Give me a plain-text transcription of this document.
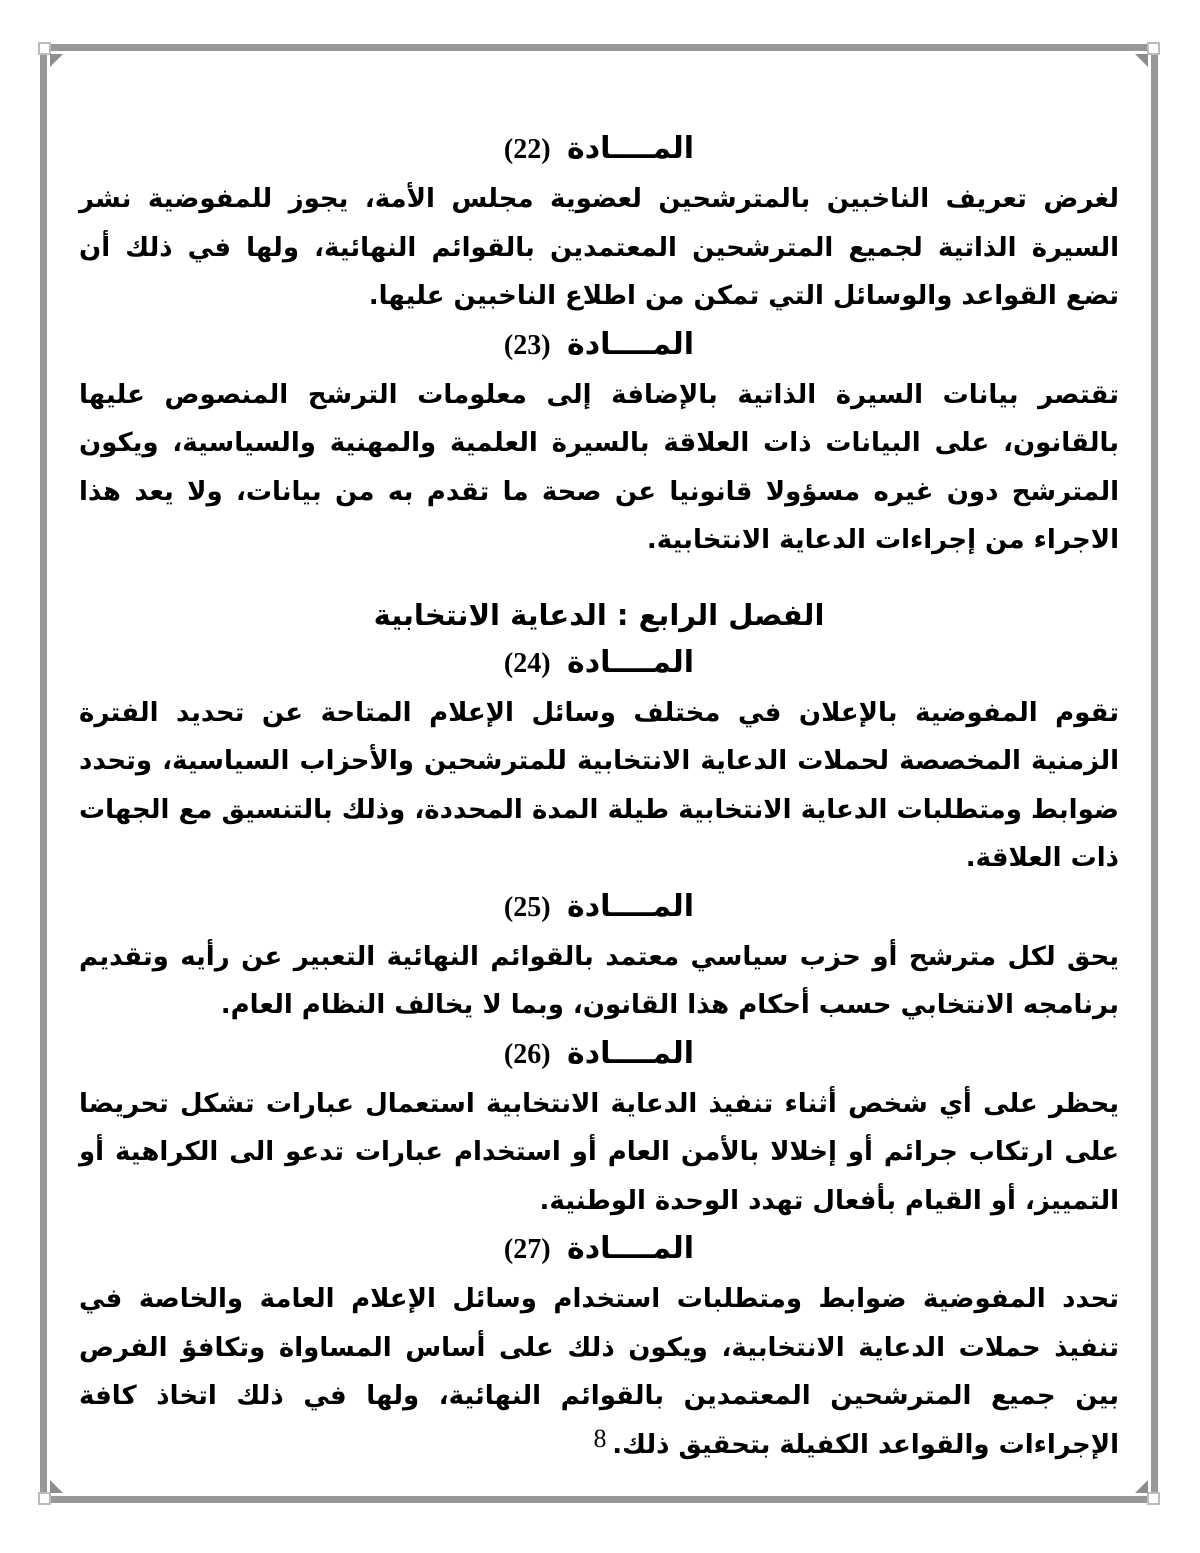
المــــادة (22)

لغرض تعريف الناخبين بالمترشحين لعضوية مجلس الأمة، يجوز للمفوضية نشر السيرة الذاتية لجميع المترشحين المعتمدين بالقوائم النهائية، ولها في ذلك أن تضع القواعد والوسائل التي تمكن من اطلاع الناخبين عليها.

المــــادة (23)

تقتصر بيانات السيرة الذاتية بالإضافة إلى معلومات الترشح المنصوص عليها بالقانون، على البيانات ذات العلاقة بالسيرة العلمية والمهنية والسياسية، ويكون المترشح دون غيره مسؤولا قانونيا عن صحة ما تقدم به من بيانات، ولا يعد هذا الاجراء من إجراءات الدعاية الانتخابية.

الفصل الرابع : الدعاية الانتخابية
المــــادة (24)

تقوم المفوضية بالإعلان في مختلف وسائل الإعلام المتاحة عن تحديد الفترة الزمنية المخصصة لحملات الدعاية الانتخابية للمترشحين والأحزاب السياسية، وتحدد ضوابط ومتطلبات الدعاية الانتخابية طيلة المدة المحددة، وذلك بالتنسيق مع الجهات ذات العلاقة.

المــــادة (25)

يحق لكل مترشح أو حزب سياسي معتمد بالقوائم النهائية التعبير عن رأيه وتقديم برنامجه الانتخابي حسب أحكام هذا القانون، وبما لا يخالف النظام العام.

المــــادة (26)

يحظر على أي شخص أثناء تنفيذ الدعاية الانتخابية استعمال عبارات تشكل تحريضا على ارتكاب جرائم أو إخلالا بالأمن العام أو استخدام عبارات تدعو الى الكراهية أو التمييز، أو القيام بأفعال تهدد الوحدة الوطنية.

المــــادة (27)

تحدد المفوضية ضوابط ومتطلبات استخدام وسائل الإعلام العامة والخاصة في تنفيذ حملات الدعاية الانتخابية، ويكون ذلك على أساس المساواة وتكافؤ الفرص بين جميع المترشحين المعتمدين بالقوائم النهائية، ولها في ذلك اتخاذ كافة الإجراءات والقواعد الكفيلة بتحقيق ذلك.

8
